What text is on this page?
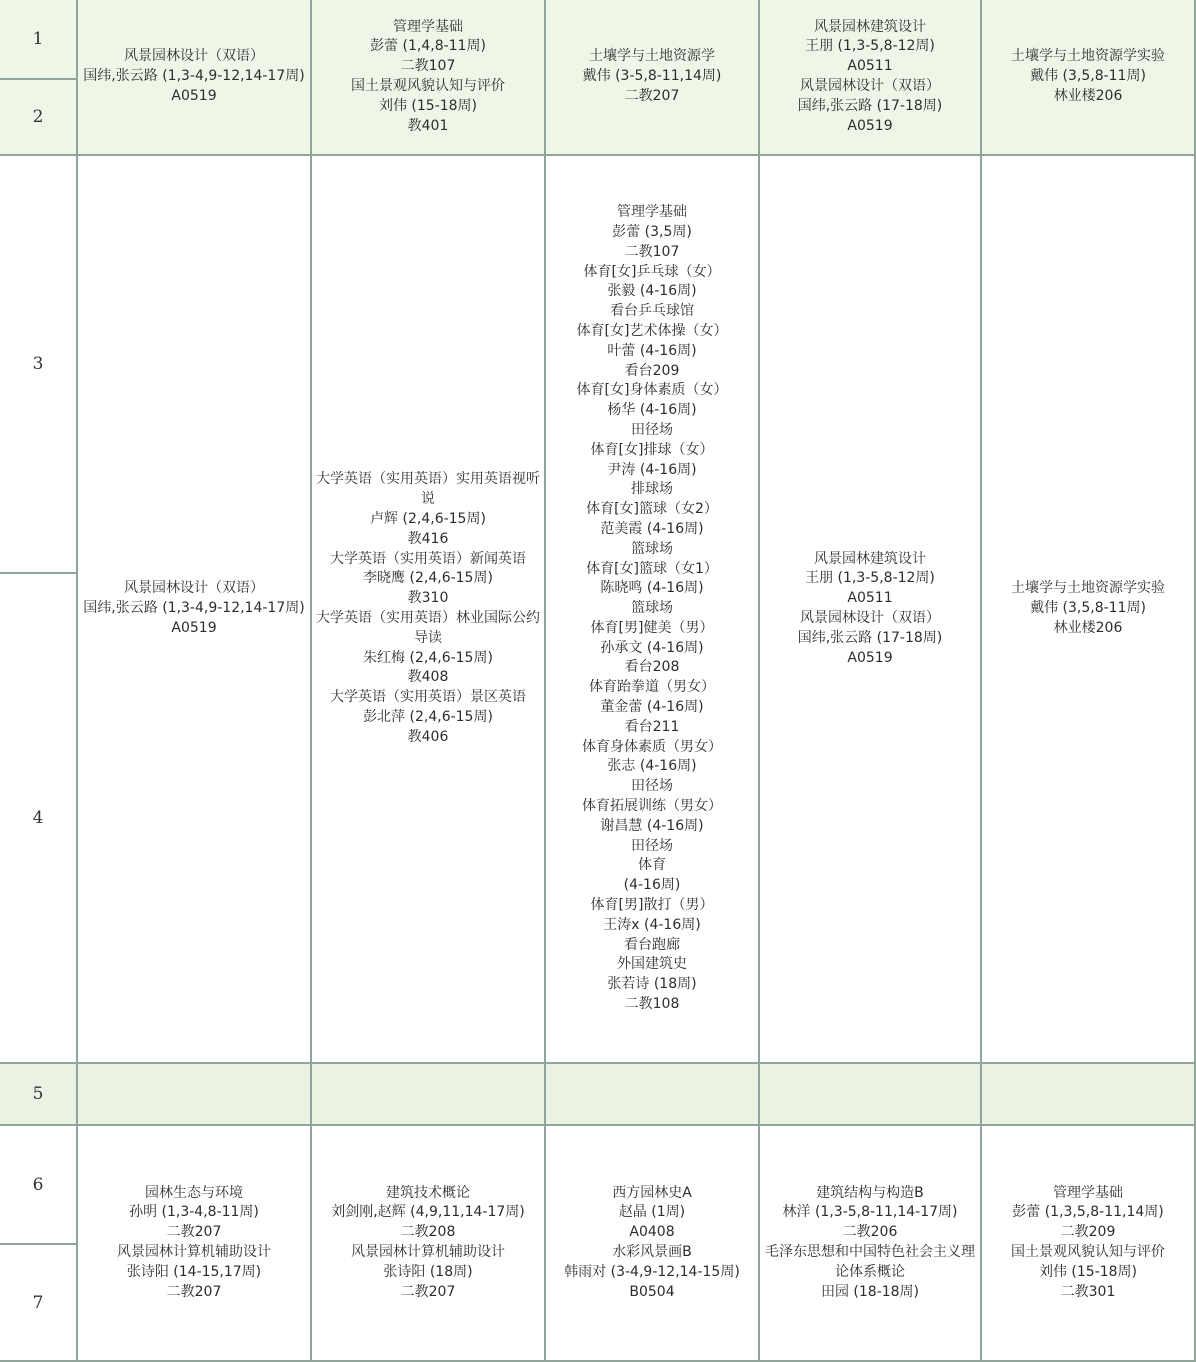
1
2
3
4
5
6
7
风景园林设计（双语）
国纬,张云路 (1,3-4,9-12,14-17周)
A0519
管理学基础
彭蕾 (1,4,8-11周)
二教107
国土景观风貌认知与评价
刘伟 (15-18周)
教401
土壤学与土地资源学
戴伟 (3-5,8-11,14周)
二教207
风景园林建筑设计
王朋 (1,3-5,8-12周)
A0511
风景园林设计（双语）
国纬,张云路 (17-18周)
A0519
土壤学与土地资源学实验
戴伟 (3,5,8-11周)
林业楼206
风景园林设计（双语）
国纬,张云路 (1,3-4,9-12,14-17周)
A0519
大学英语（实用英语）实用英语视听说
卢辉 (2,4,6-15周)
教416
大学英语（实用英语）新闻英语
李晓鹰 (2,4,6-15周)
教310
大学英语（实用英语）林业国际公约导读
朱红梅 (2,4,6-15周)
教408
大学英语（实用英语）景区英语
彭北萍 (2,4,6-15周)
教406
管理学基础
彭蕾 (3,5周)
二教107
体育[女]乒乓球（女）
张毅 (4-16周)
看台乒乓球馆
体育[女]艺术体操（女）
叶蕾 (4-16周)
看台209
体育[女]身体素质（女）
杨华 (4-16周)
田径场
体育[女]排球（女）
尹涛 (4-16周)
排球场
体育[女]篮球（女2）
范美霞 (4-16周)
篮球场
体育[女]篮球（女1）
陈晓鸣 (4-16周)
篮球场
体育[男]健美（男）
孙承文 (4-16周)
看台208
体育跆拳道（男女）
董金蕾 (4-16周)
看台211
体育身体素质（男女）
张志 (4-16周)
田径场
体育拓展训练（男女）
谢昌慧 (4-16周)
田径场
体育
(4-16周)
体育[男]散打（男）
王涛x (4-16周)
看台跑廊
外国建筑史
张若诗 (18周)
二教108
风景园林建筑设计
王朋 (1,3-5,8-12周)
A0511
风景园林设计（双语）
国纬,张云路 (17-18周)
A0519
土壤学与土地资源学实验
戴伟 (3,5,8-11周)
林业楼206
园林生态与环境
孙明 (1,3-4,8-11周)
二教207
风景园林计算机辅助设计
张诗阳 (14-15,17周)
二教207
建筑技术概论
刘剑刚,赵辉 (4,9,11,14-17周)
二教208
风景园林计算机辅助设计
张诗阳 (18周)
二教207
西方园林史A
赵晶 (1周)
A0408
水彩风景画B
韩雨对 (3-4,9-12,14-15周)
B0504
建筑结构与构造B
林洋 (1,3-5,8-11,14-17周)
二教206
毛泽东思想和中国特色社会主义理论体系概论
田园 (18-18周)
管理学基础
彭蕾 (1,3,5,8-11,14周)
二教209
国土景观风貌认知与评价
刘伟 (15-18周)
二教301
